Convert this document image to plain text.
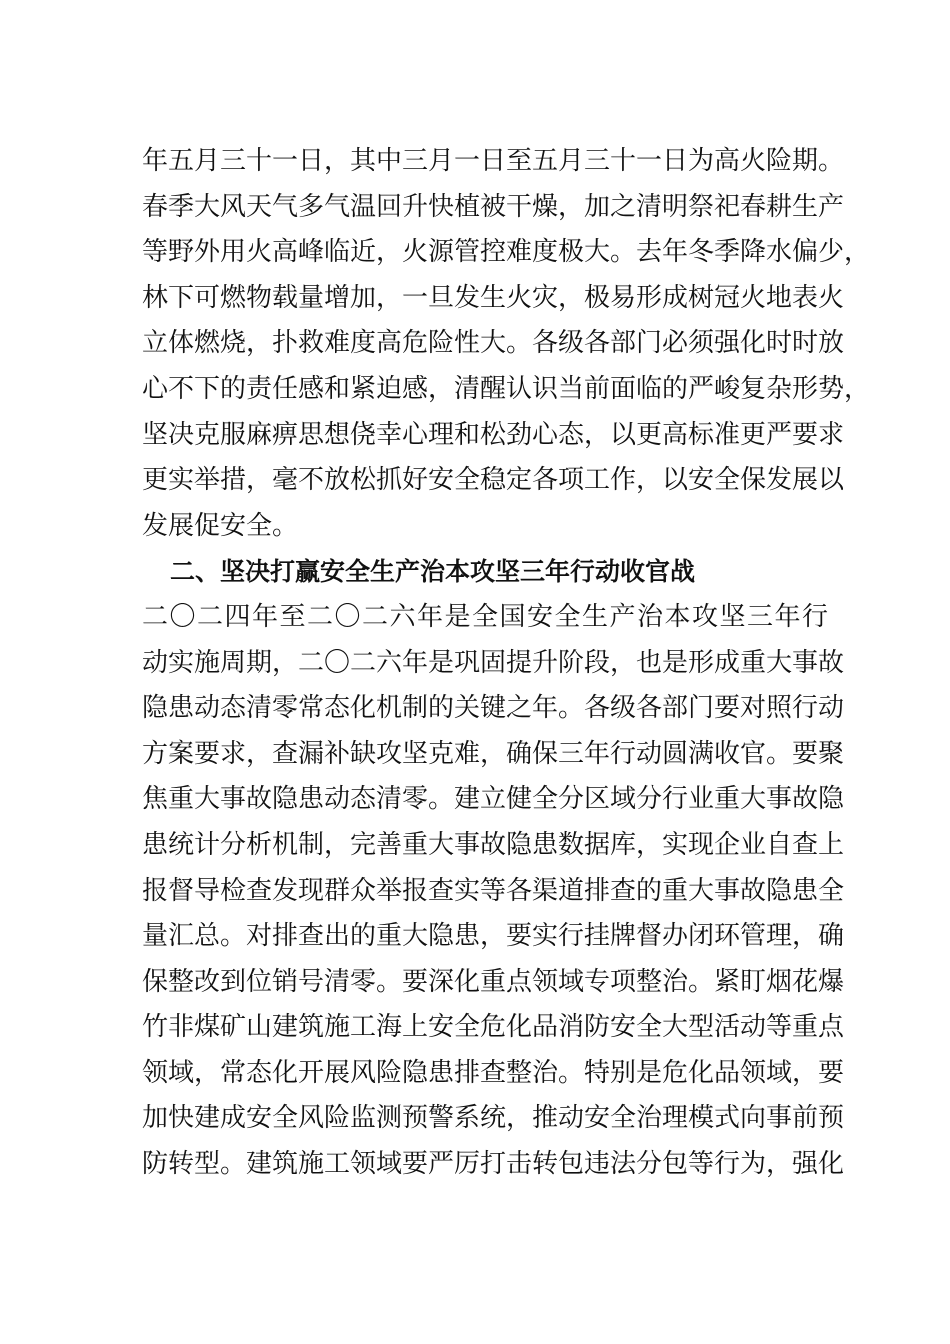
年五月三十一日，其中三月一日至五月三十一日为高火险期。
春季大风天气多气温回升快植被干燥，加之清明祭祀春耕生产
等野外用火高峰临近，火源管控难度极大。去年冬季降水偏少，
林下可燃物载量增加，一旦发生火灾，极易形成树冠火地表火
立体燃烧，扑救难度高危险性大。各级各部门必须强化时时放
心不下的责任感和紧迫感，清醒认识当前面临的严峻复杂形势，
坚决克服麻痹思想侥幸心理和松劲心态，以更高标准更严要求
更实举措，毫不放松抓好安全稳定各项工作，以安全保发展以
发展促安全。
二、坚决打赢安全生产治本攻坚三年行动收官战
二〇二四年至二〇二六年是全国安全生产治本攻坚三年行
动实施周期，二〇二六年是巩固提升阶段，也是形成重大事故
隐患动态清零常态化机制的关键之年。各级各部门要对照行动
方案要求，查漏补缺攻坚克难，确保三年行动圆满收官。要聚
焦重大事故隐患动态清零。建立健全分区域分行业重大事故隐
患统计分析机制，完善重大事故隐患数据库，实现企业自查上
报督导检查发现群众举报查实等各渠道排查的重大事故隐患全
量汇总。对排查出的重大隐患，要实行挂牌督办闭环管理，确
保整改到位销号清零。要深化重点领域专项整治。紧盯烟花爆
竹非煤矿山建筑施工海上安全危化品消防安全大型活动等重点
领域，常态化开展风险隐患排查整治。特别是危化品领域，要
加快建成安全风险监测预警系统，推动安全治理模式向事前预
防转型。建筑施工领域要严厉打击转包违法分包等行为，强化
